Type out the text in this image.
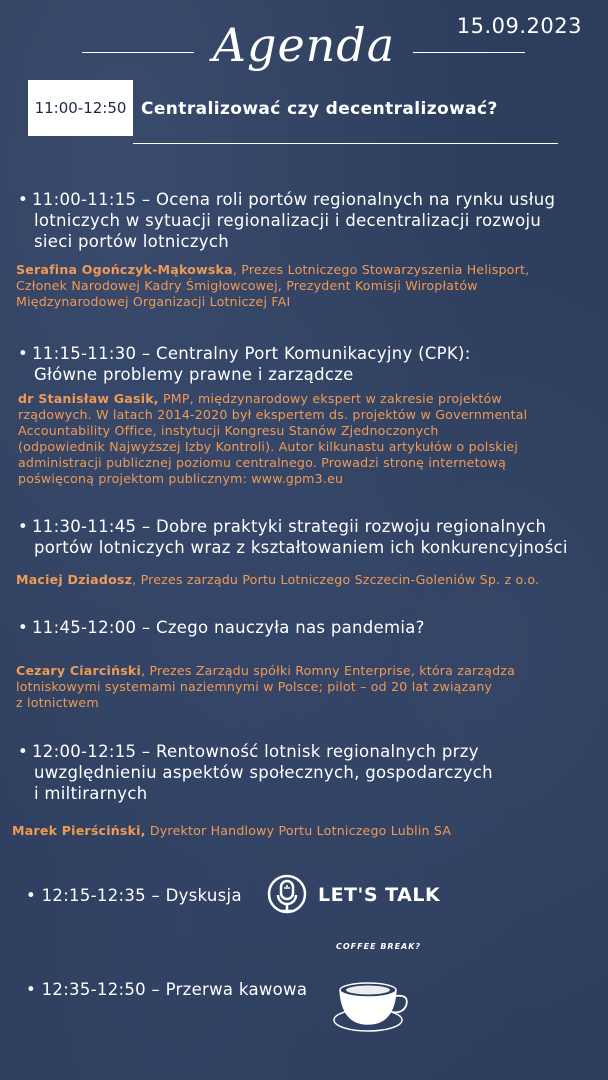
Agenda	15.09.2023
11:00-12:50 Centralizować czy decentralizować?
• 11:00-11:15 – Ocena roli portów regionalnych na rynku usług
lotniczych w sytuacji regionalizacji i decentralizacji rozwoju
sieci portów lotniczych
Serafina Ogończyk-Mąkowska, Prezes Lotniczego Stowarzyszenia Helisport,
Członek Narodowej Kadry Śmigłowcowej, Prezydent Komisji Wiropłatów
Międzynarodowej Organizacji Lotniczej FAI
• 11:15-11:30 – Centralny Port Komunikacyjny (CPK):
Główne problemy prawne i zarządcze
dr Stanisław Gasik, PMP, międzynarodowy ekspert w zakresie projektów
rządowych. W latach 2014-2020 był ekspertem ds. projektów w Governmental
Accountability Office, instytucji Kongresu Stanów Zjednoczonych
(odpowiednik Najwyższej Izby Kontroli). Autor kilkunastu artykułów o polskiej
administracji publicznej poziomu centralnego. Prowadzi stronę internetową
poświęconą projektom publicznym: www.gpm3.eu
• 11:30-11:45 – Dobre praktyki strategii rozwoju regionalnych
portów lotniczych wraz z kształtowaniem ich konkurencyjności
Maciej Dziadosz, Prezes zarządu Portu Lotniczego Szczecin-Goleniów Sp. z o.o.
• 11:45-12:00 – Czego nauczyła nas pandemia?
Cezary Ciarciński, Prezes Zarządu spółki Romny Enterprise, która zarządza
lotniskowymi systemami naziemnymi w Polsce; pilot – od 20 lat związany
z lotnictwem
• 12:00-12:15 – Rentowność lotnisk regionalnych przy
uwzględnieniu aspektów społecznych, gospodarczych
i miltirarnych
Marek Pierściński, Dyrektor Handlowy Portu Lotniczego Lublin SA
• 12:15-12:35 – Dyskusja	LET'S TALK
COFFEE BREAK?
• 12:35-12:50 – Przerwa kawowa
